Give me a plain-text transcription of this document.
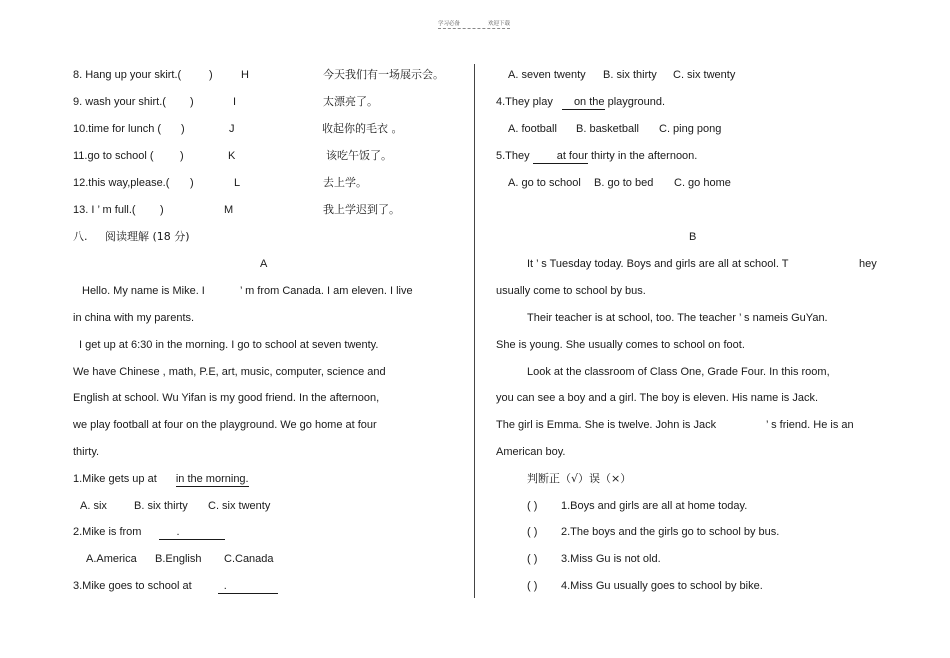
学习必备	欢迎下载
8. Hang up your skirt.(	)	H	今天我们有一场展示会。
9. wash your shirt.( )	I	太漂亮了。
10.time for lunch ( )	J	收起你的毛衣 。
11.go to school ( )	K	该吃午饭了。
12.this way,please.( )	L	去上学。
13. I ’ m full.( )	M	我上学迟到了。
八. 阅读理解 (18 分)
A
Hello. My name is Mike. I	’ m from Canada. I am eleven. I live
in china with my parents.
I get up at 6:30 in the morning. I go to school at seven twenty.
We have Chinese , math, P.E, art, music, computer, science and
English at school. Wu Yifan is my good friend. In the afternoon,
we play football at four on the playground. We go home at four
thirty.
1.Mike gets up at in the morning.
A. six B. six thirty C. six twenty
2.Mike is from	.
A.America B.English C.Canada
3.Mike goes to school at	.
A. seven twenty B. six thirty C. six twenty
4.They play on the playground.
A. football B. basketball C. ping pong
5.They at four thirty in the afternoon.
A. go to school B. go to bed C. go home
B
It ’ s Tuesday today. Boys and girls are all at school. T	hey
usually come to school by bus.
Their teacher is at school, too. The teacher ’ s nameis GuYan.
She is young. She usually comes to school on foot.
Look at the classroom of Class One, Grade Four. In this room,
you can see a boy and a girl. The boy is eleven. His name is Jack.
The girl is Emma. She is twelve. John is Jack	’ s friend. He is an
American boy.
判断正（√）误（×）
( ) 1.Boys and girls are all at home today.
( ) 2.The boys and the girls go to school by bus.
( ) 3.Miss Gu is not old.
( ) 4.Miss Gu usually goes to school by bike.
